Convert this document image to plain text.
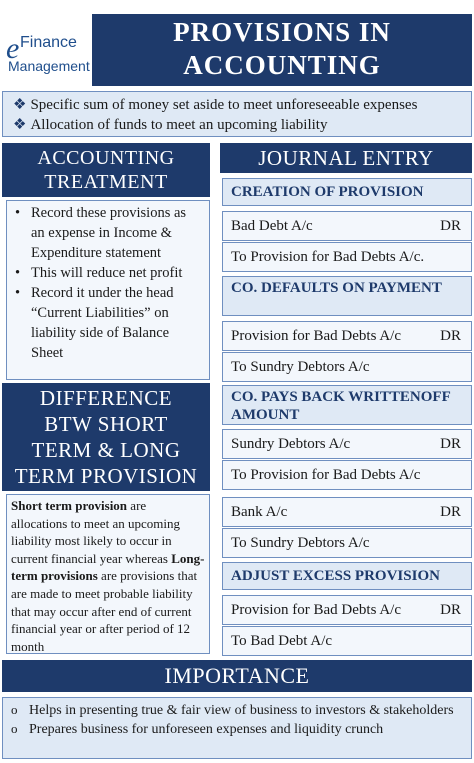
e Finance
Management
PROVISIONS IN
ACCOUNTING
❖ Specific sum of money set aside to meet unforeseeable expenses
❖ Allocation of funds to meet an upcoming liability
ACCOUNTING
TREATMENT
• Record these provisions as an expense in Income & Expenditure statement
• This will reduce net profit
• Record it under the head “Current Liabilities” on liability side of Balance Sheet
DIFFERENCE
BTW SHORT
TERM & LONG
TERM PROVISION
Short term provision are allocations to meet an upcoming liability most likely to occur in current financial year whereas Long-term provisions are provisions that are made to meet probable liability that may occur after end of current financial year or after period of 12 month
JOURNAL ENTRY
CREATION OF PROVISION
Bad Debt A/c	DR
To Provision for Bad Debts A/c.
CO. DEFAULTS ON PAYMENT
Provision for Bad Debts A/c	DR
To Sundry Debtors A/c
CO. PAYS BACK WRITTENOFF AMOUNT
Sundry Debtors A/c	DR
To Provision for Bad Debts A/c
Bank A/c	DR
To Sundry Debtors A/c
ADJUST EXCESS PROVISION
Provision for Bad Debts A/c	DR
To Bad Debt A/c
IMPORTANCE
o Helps in presenting true & fair view of business to investors & stakeholders
o Prepares business for unforeseen expenses and liquidity crunch
